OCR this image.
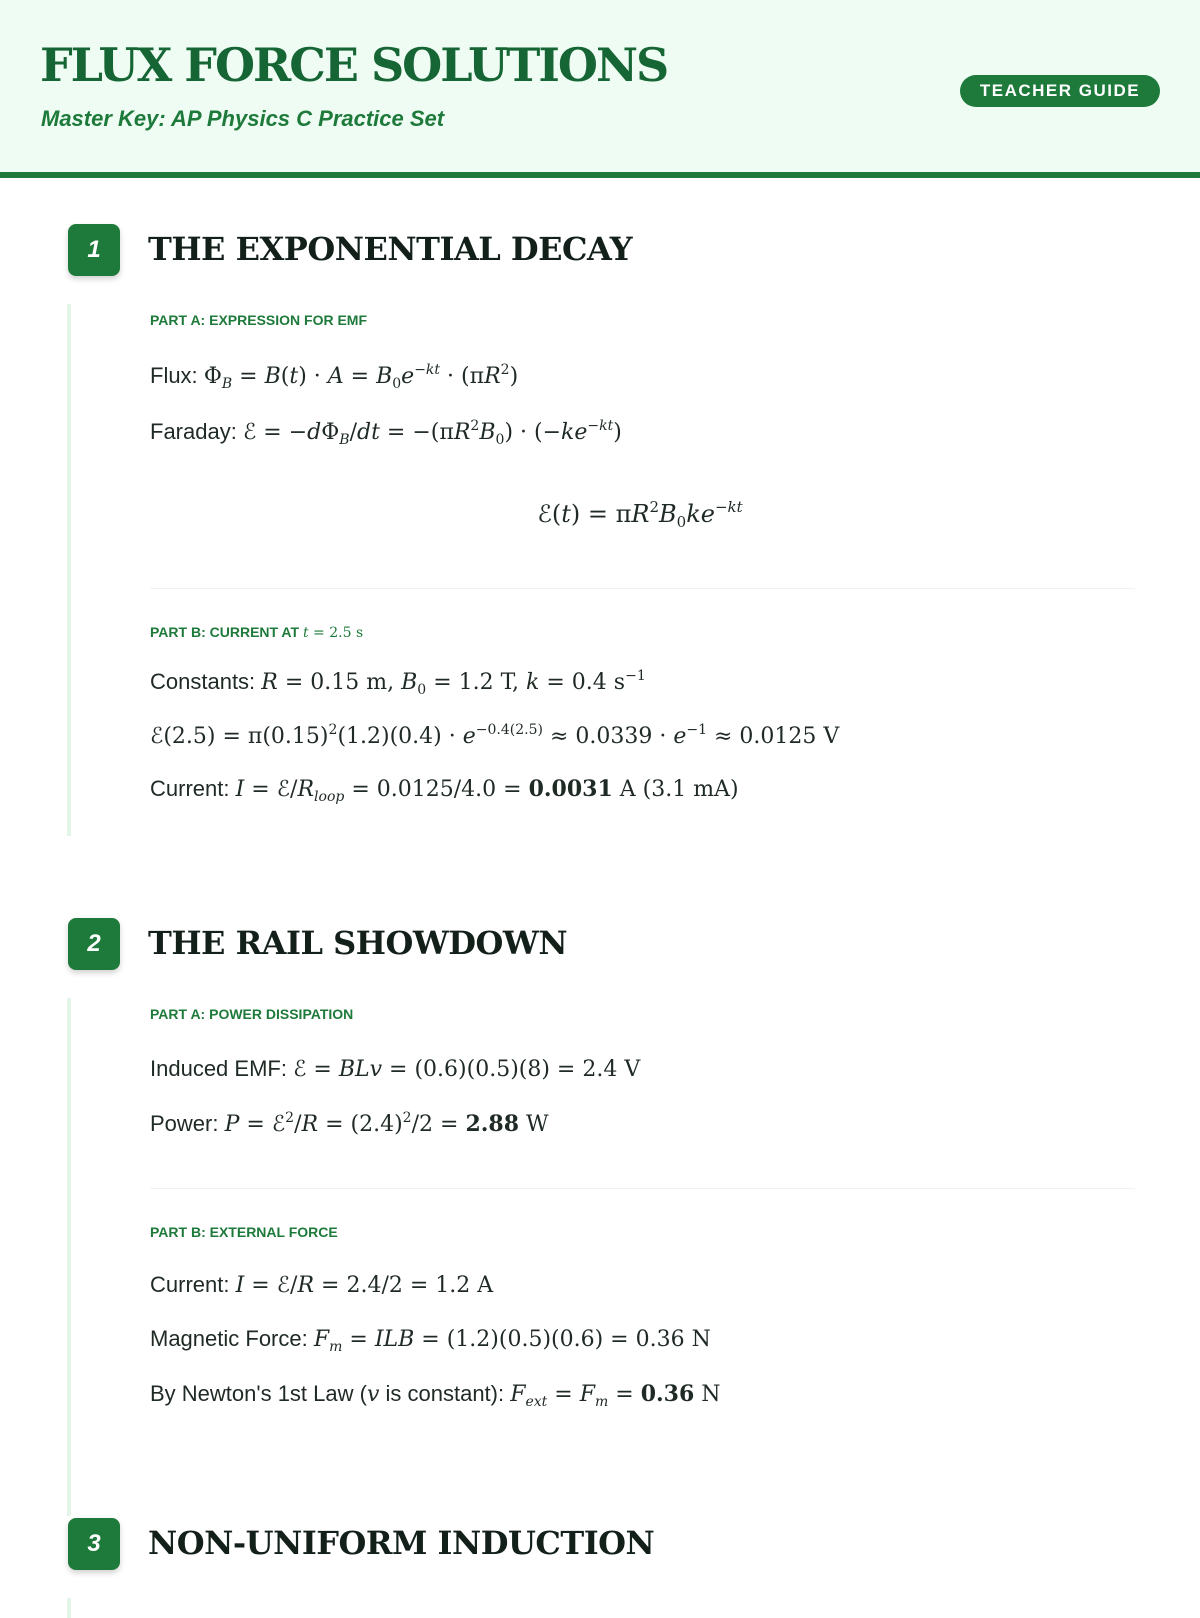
FLUX FORCE SOLUTIONS
Master Key: AP Physics C Practice Set
TEACHER GUIDE
1	THE EXPONENTIAL DECAY
PART A: EXPRESSION FOR EMF
Flux: $\Phi_B = B(t) \cdot A = B_0e^{-kt} \cdot (\pi R^2)$
Faraday: ℰ = $-d\Phi_B/dt = -(\pi R^2B_0) \cdot (-ke^{-kt})$
ℰ(t) = $\pi R^2B_0ke^{-kt}$
PART B: CURRENT AT t = 2.5 s
Constants: R = 0.15 m, $B_0 = 1.2$ T, k = 0.4 $s^{-1}$
ℰ(2.5) = $\pi(0.15)^2(1.2)(0.4) \cdot e^{-0.4(2.5)} \approx 0.0339 \cdot e^{-1} \approx 0.0125$ V
Current: $I = ℰ/R_{loop} = 0.0125/4.0 = 0.0031$ A (3.1 mA)
2	THE RAIL SHOWDOWN
PART A: POWER DISSIPATION
Induced EMF: ℰ = BLv = (0.6)(0.5)(8) = 2.4 V
Power: P = ℰ$^2$/R = $(2.4)^2/2 = 2.88$ W
PART B: EXTERNAL FORCE
Current: I = ℰ/R = 2.4/2 = 1.2 A
Magnetic Force: $F_m$ = ILB = (1.2)(0.5)(0.6) = 0.36 N
By Newton's 1st Law (v is constant): $F_{ext} = F_m = 0.36$ N
3	NON-UNIFORM INDUCTION
